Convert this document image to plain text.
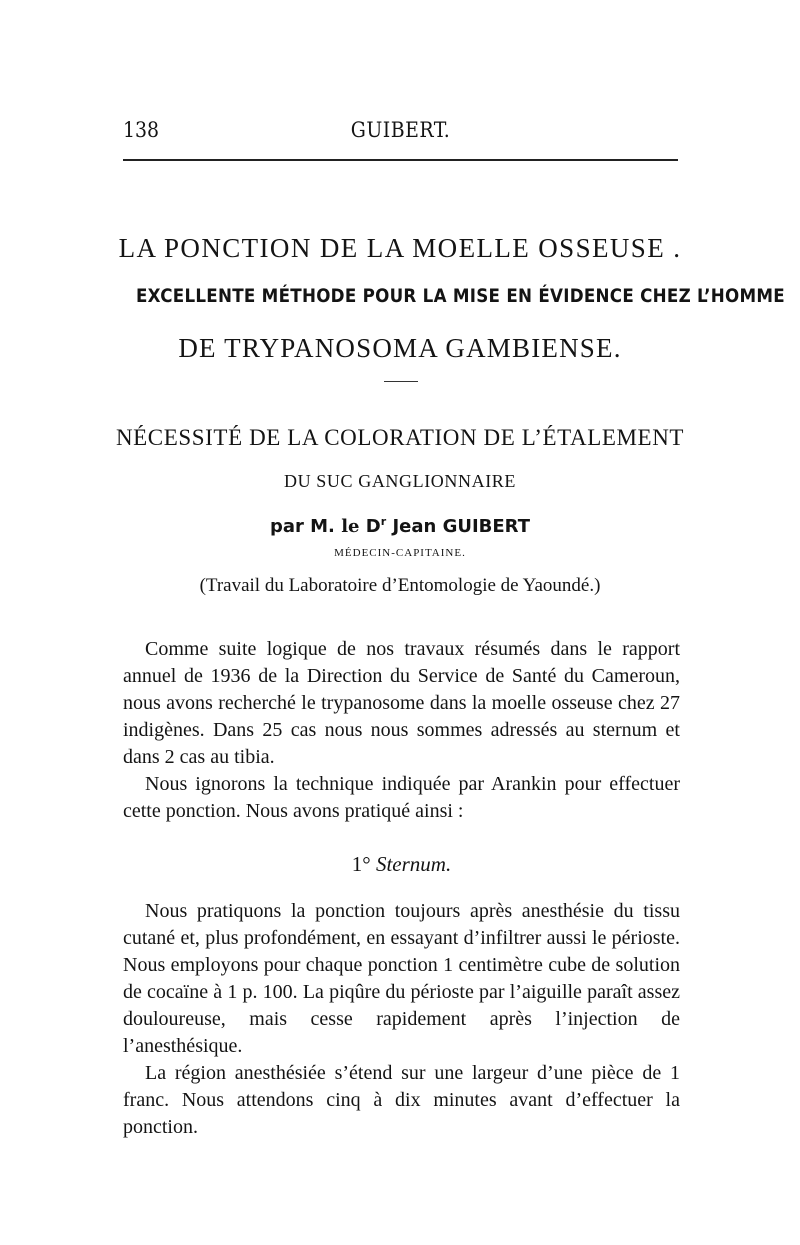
138	GUIBERT.
LA PONCTION DE LA MOELLE OSSEUSE .
EXCELLENTE MÉTHODE POUR LA MISE EN ÉVIDENCE CHEZ L’HOMME
DE TRYPANOSOMA GAMBIENSE.
NÉCESSITÉ DE LA COLORATION DE L’ÉTALEMENT
DU SUC GANGLIONNAIRE
par M. le $D^r$ Jean GUIBERT
MÉDECIN-CAPITAINE.
(Travail du Laboratoire d’Entomologie de Yaoundé.)

Comme suite logique de nos travaux résumés dans le rapport annuel de 1936 de la Direction du Service de Santé du Cameroun, nous avons recherché le trypanosome dans la moelle osseuse chez 27 indigènes. Dans 25 cas nous nous sommes adressés au sternum et dans 2 cas au tibia.

Nous ignorons la technique indiquée par Arankin pour effectuer cette ponction. Nous avons pratiqué ainsi :

1° Sternum.

Nous pratiquons la ponction toujours après anesthésie du tissu cutané et, plus profondément, en essayant d’infiltrer aussi le périoste. Nous employons pour chaque ponction 1 centimètre cube de solution de cocaïne à 1 p. 100. La piqûre du périoste par l’aiguille paraît assez douloureuse, mais cesse rapidement après l’injection de l’anesthésique.

La région anesthésiée s’étend sur une largeur d’une pièce de 1 franc. Nous attendons cinq à dix minutes avant d’effectuer la ponction.
